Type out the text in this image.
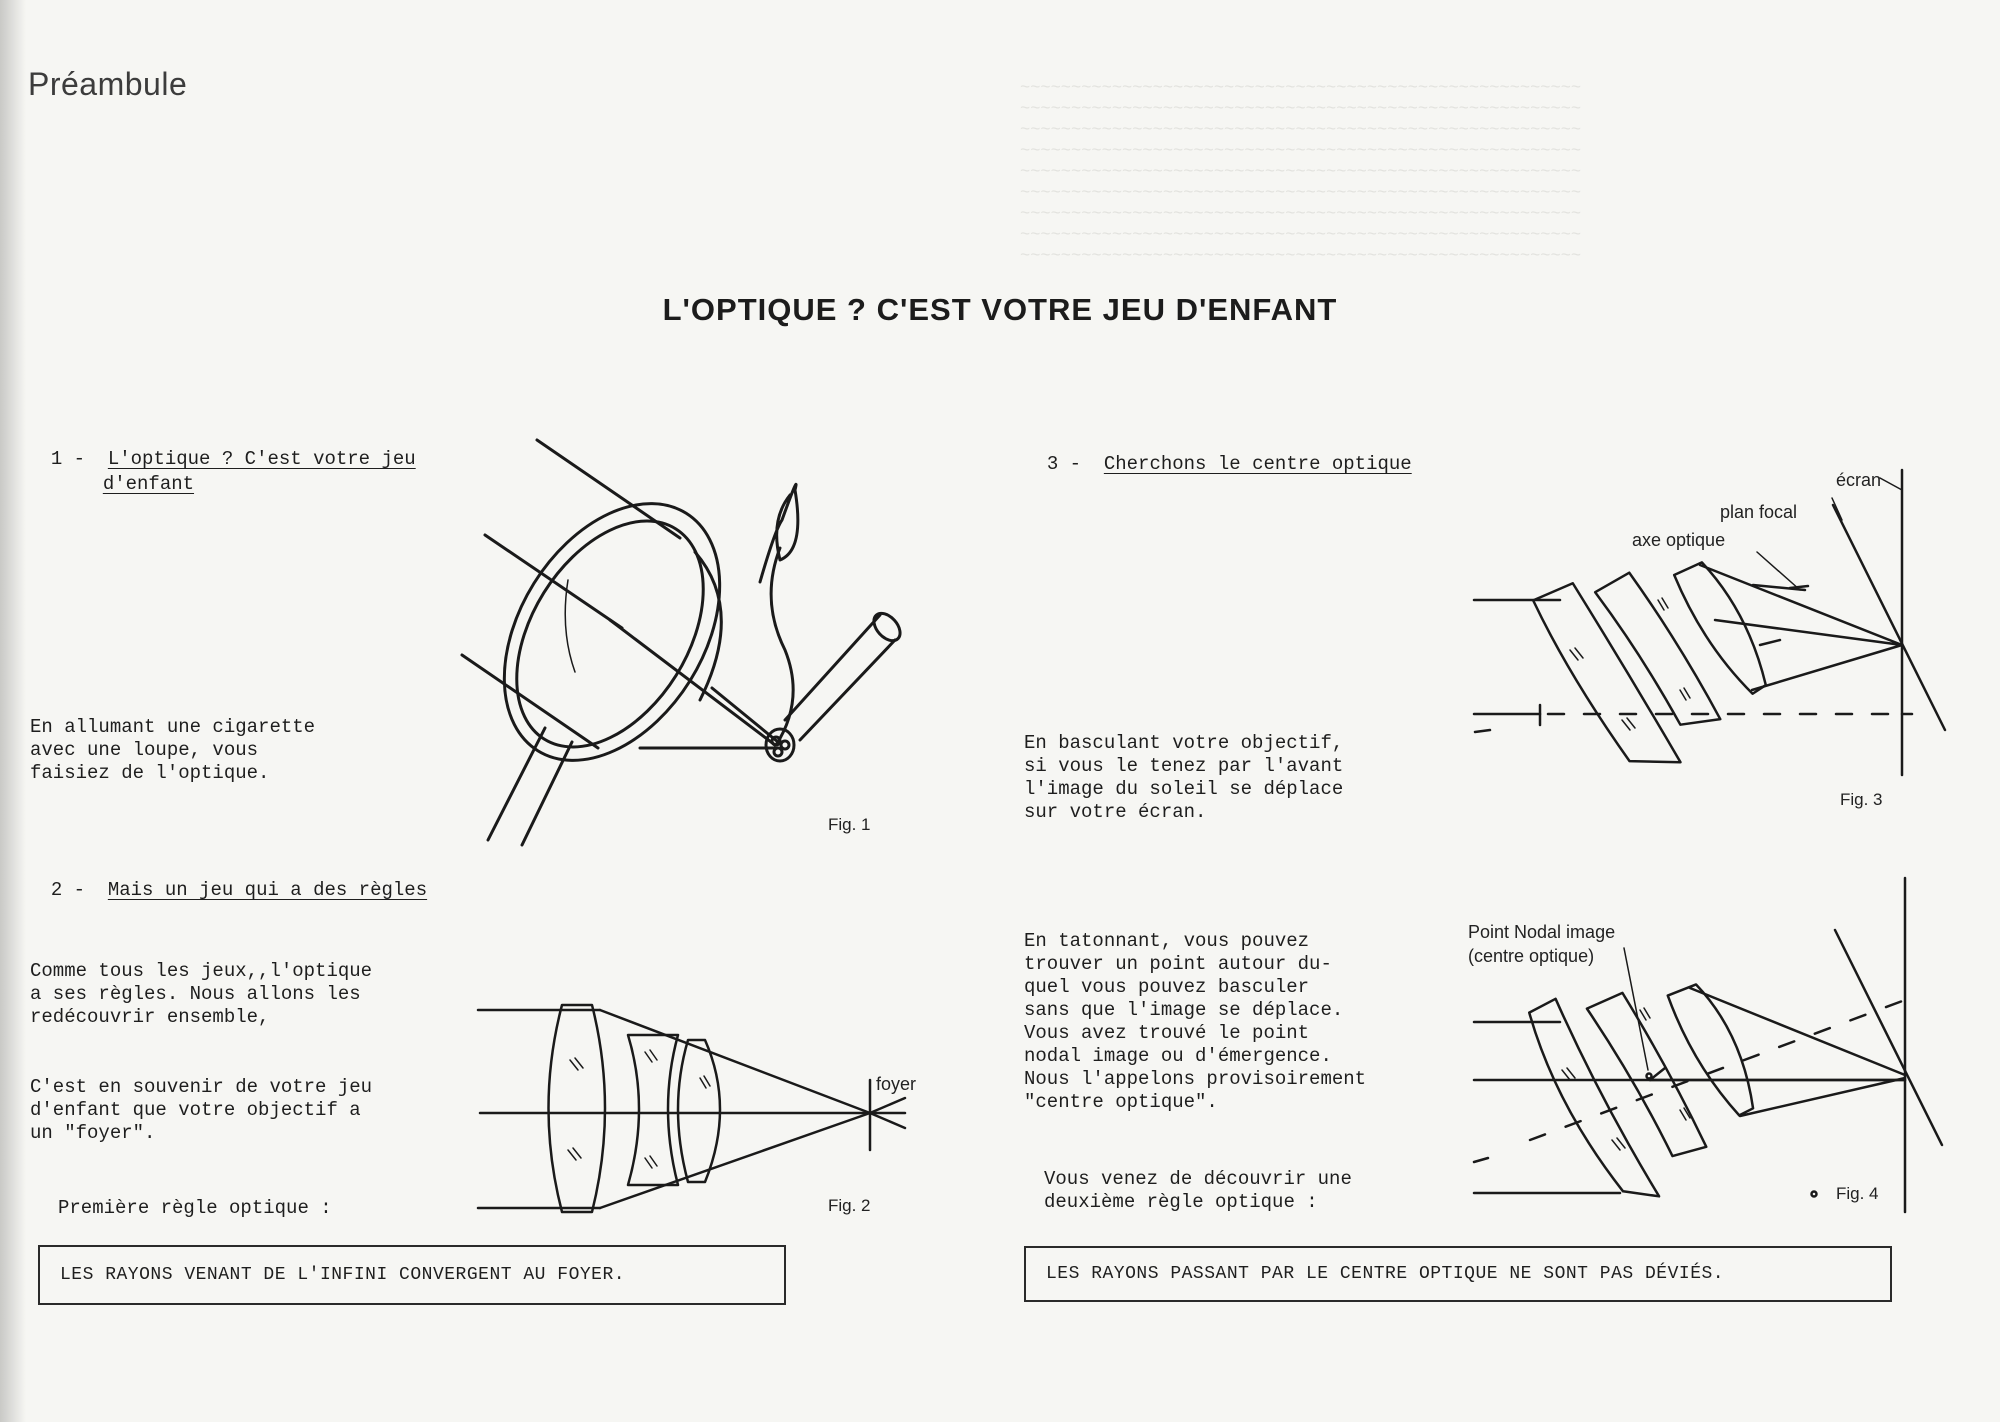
~~~~~~~~~~~~~~~~~~~~~~~~~~~~~~~~~~~~~~~~~~~~~~~~~~~~~~~
~~~~~~~~~~~~~~~~~~~~~~~~~~~~~~~~~~~~~~~~~~~~~~~~~~~~~~~
~~~~~~~~~~~~~~~~~~~~~~~~~~~~~~~~~~~~~~~~~~~~~~~~~~~~~~~
~~~~~~~~~~~~~~~~~~~~~~~~~~~~~~~~~~~~~~~~~~~~~~~~~~~~~~~
~~~~~~~~~~~~~~~~~~~~~~~~~~~~~~~~~~~~~~~~~~~~~~~~~~~~~~~
~~~~~~~~~~~~~~~~~~~~~~~~~~~~~~~~~~~~~~~~~~~~~~~~~~~~~~~
~~~~~~~~~~~~~~~~~~~~~~~~~~~~~~~~~~~~~~~~~~~~~~~~~~~~~~~
~~~~~~~~~~~~~~~~~~~~~~~~~~~~~~~~~~~~~~~~~~~~~~~~~~~~~~~
~~~~~~~~~~~~~~~~~~~~~~~~~~~~~~~~~~~~~~~~~~~~~~~~~~~~~~~
Préambule
L'OPTIQUE ? C'EST VOTRE JEU D'ENFANT

1 - L'optique ? C'est votre jeu

d'enfant

En allumant une cigarette
avec une loupe, vous
faisiez de l'optique.
Fig. 1

2 - Mais un jeu qui a des règles

Comme tous les jeux,,l'optique
a ses règles. Nous allons les
redécouvrir ensemble,
C'est en souvenir de votre jeu
d'enfant que votre objectif a
un "foyer".
Première règle optique :
foyer
Fig. 2
LES RAYONS VENANT DE L'INFINI CONVERGENT AU FOYER.

3 - Cherchons le centre optique

En basculant votre objectif,
si vous le tenez par l'avant
l'image du soleil se déplace
sur votre écran.
écran
plan focal
axe optique
Fig. 3
En tatonnant, vous pouvez
trouver un point autour du-
quel vous pouvez basculer
sans que l'image se déplace.
Vous avez trouvé le point
nodal image ou d'émergence.
Nous l'appelons provisoirement
"centre optique".
Vous venez de découvrir une
deuxième règle optique :
Point Nodal image
(centre optique)
Fig. 4
LES RAYONS PASSANT PAR LE CENTRE OPTIQUE NE SONT PAS DÉVIÉS.
